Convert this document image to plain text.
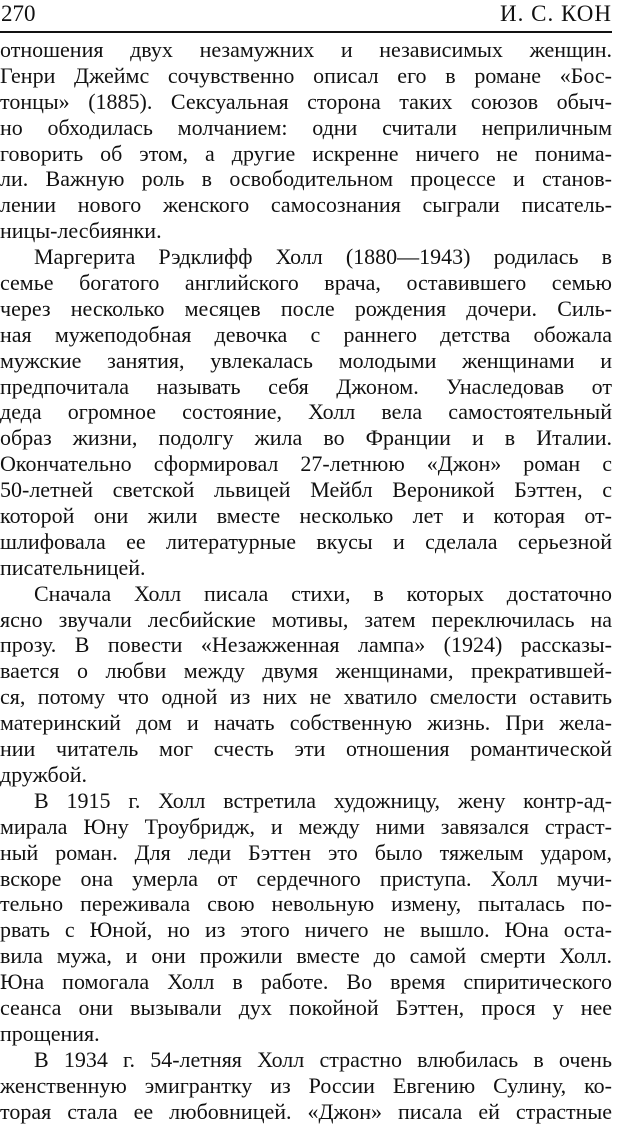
270	И. С. КОН
отношения двух незамужних и независимых женщин.
Генри Джеймс сочувственно описал его в романе «Бос-
тонцы» (1885). Сексуальная сторона таких союзов обыч-
но обходилась молчанием: одни считали неприличным
говорить об этом, а другие искренне ничего не понима-
ли. Важную роль в освободительном процессе и станов-
лении нового женского самосознания сыграли писатель-
ницы-лесбиянки.
Маргерита Рэдклифф Холл (1880—1943) родилась в
семье богатого английского врача, оставившего семью
через несколько месяцев после рождения дочери. Силь-
ная мужеподобная девочка с раннего детства обожала
мужские занятия, увлекалась молодыми женщинами и
предпочитала называть себя Джоном. Унаследовав от
деда огромное состояние, Холл вела самостоятельный
образ жизни, подолгу жила во Франции и в Италии.
Окончательно сформировал 27-летнюю «Джон» роман с
50-летней светской львицей Мейбл Вероникой Бэттен, с
которой они жили вместе несколько лет и которая от-
шлифовала ее литературные вкусы и сделала серьезной
писательницей.
Сначала Холл писала стихи, в которых достаточно
ясно звучали лесбийские мотивы, затем переключилась на
прозу. В повести «Незажженная лампа» (1924) рассказы-
вается о любви между двумя женщинами, прекратившей-
ся, потому что одной из них не хватило смелости оставить
материнский дом и начать собственную жизнь. При жела-
нии читатель мог счесть эти отношения романтической
дружбой.
В 1915 г. Холл встретила художницу, жену контр-ад-
мирала Юну Троубридж, и между ними завязался страст-
ный роман. Для леди Бэттен это было тяжелым ударом,
вскоре она умерла от сердечного приступа. Холл мучи-
тельно переживала свою невольную измену, пыталась по-
рвать с Юной, но из этого ничего не вышло. Юна оста-
вила мужа, и они прожили вместе до самой смерти Холл.
Юна помогала Холл в работе. Во время спиритического
сеанса они вызывали дух покойной Бэттен, прося у нее
прощения.
В 1934 г. 54-летняя Холл страстно влюбилась в очень
женственную эмигрантку из России Евгению Сулину, ко-
торая стала ее любовницей. «Джон» писала ей страстные
